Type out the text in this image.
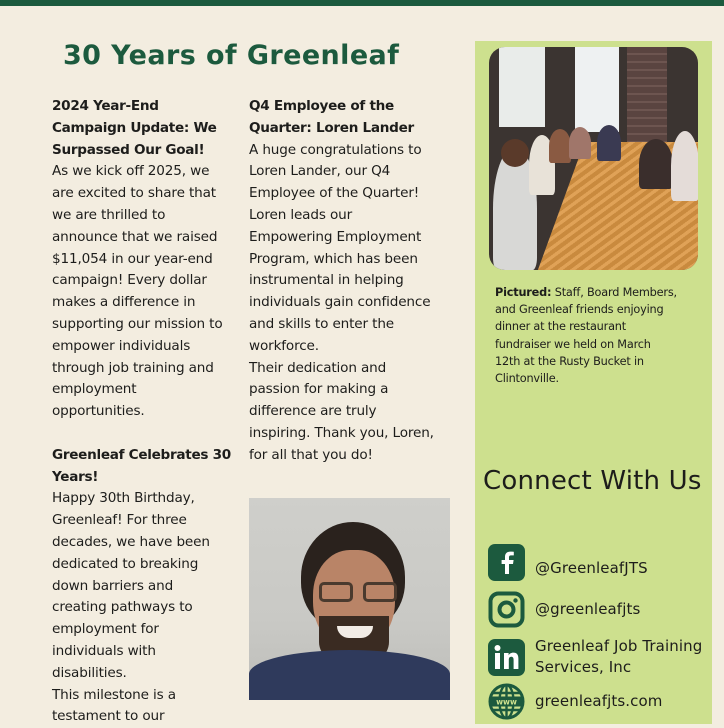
30 Years of Greenleaf

2024 Year-End
Campaign Update: We
Surpassed Our Goal!

As we kick off 2025, we
are excited to share that
we are thrilled to
announce that we raised
$11,054 in our year-end
campaign! Every dollar
makes a difference in
supporting our mission to
empower individuals
through job training and
employment
opportunities.

Greenleaf Celebrates 30
Years!

Happy 30th Birthday,
Greenleaf! For three
decades, we have been
dedicated to breaking
down barriers and
creating pathways to
employment for
individuals with
disabilities.
This milestone is a
testament to our

Q4 Employee of the
Quarter: Loren Lander

A huge congratulations to
Loren Lander, our Q4
Employee of the Quarter!
Loren leads our
Empowering Employment
Program, which has been
instrumental in helping
individuals gain confidence
and skills to enter the
workforce.
Their dedication and
passion for making a
difference are truly
inspiring. Thank you, Loren,
for all that you do!

Pictured: Staff, Board Members,
and Greenleaf friends enjoying
dinner at the restaurant
fundraiser we held on March
12th at the Rusty Bucket in
Clintonville.

Connect With Us
@GreenleafJTS
@greenleafjts
Greenleaf Job Training
Services, Inc
www greenleafjts.com
